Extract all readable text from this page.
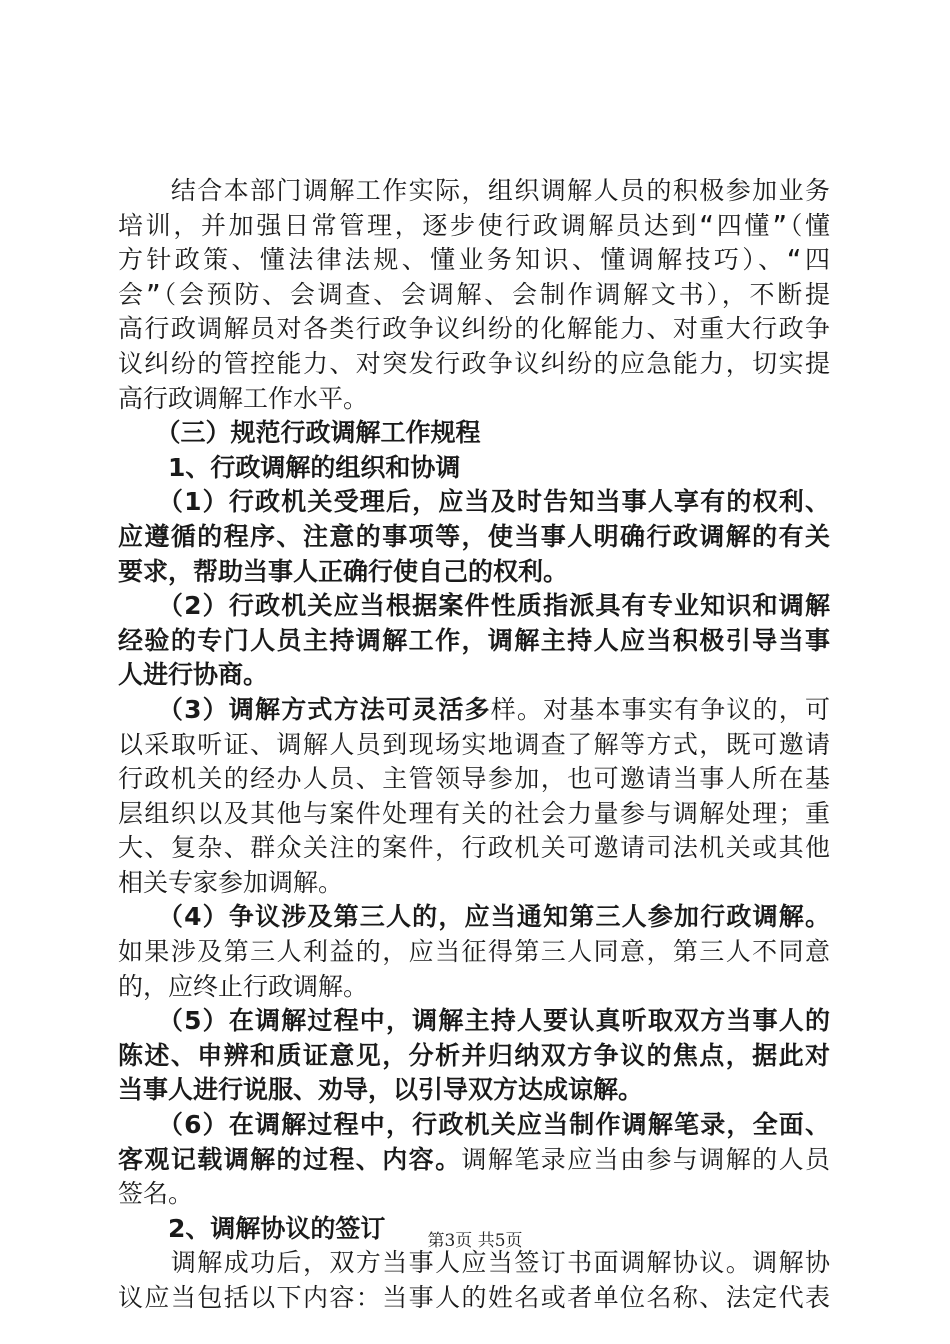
　　结合本部门调解工作实际，组织调解人员的积极参加业务
培训，并加强日常管理，逐步使行政调解员达到“四懂”（懂
方针政策、懂法律法规、懂业务知识、懂调解技巧）、“四
会”（会预防、会调查、会调解、会制作调解文书），不断提
高行政调解员对各类行政争议纠纷的化解能力、对重大行政争
议纠纷的管控能力、对突发行政争议纠纷的应急能力，切实提
高行政调解工作水平。
　　（三）规范行政调解工作规程
　　1、行政调解的组织和协调
　　（1）行政机关受理后，应当及时告知当事人享有的权利、
应遵循的程序、注意的事项等，使当事人明确行政调解的有关
要求，帮助当事人正确行使自己的权利。
　　（2）行政机关应当根据案件性质指派具有专业知识和调解
经验的专门人员主持调解工作，调解主持人应当积极引导当事
人进行协商。
　　（3）调解方式方法可灵活多样。对基本事实有争议的，可
以采取听证、调解人员到现场实地调查了解等方式，既可邀请
行政机关的经办人员、主管领导参加，也可邀请当事人所在基
层组织以及其他与案件处理有关的社会力量参与调解处理；重
大、复杂、群众关注的案件，行政机关可邀请司法机关或其他
相关专家参加调解。
　　（4）争议涉及第三人的，应当通知第三人参加行政调解。
如果涉及第三人利益的，应当征得第三人同意，第三人不同意
的，应终止行政调解。
　　（5）在调解过程中，调解主持人要认真听取双方当事人的
陈述、申辨和质证意见，分析并归纳双方争议的焦点，据此对
当事人进行说服、劝导，以引导双方达成谅解。
　　（6）在调解过程中，行政机关应当制作调解笔录，全面、
客观记载调解的过程、内容。调解笔录应当由参与调解的人员
签名。
　　2、调解协议的签订
　　调解成功后，双方当事人应当签订书面调解协议。调解协
议应当包括以下内容：当事人的姓名或者单位名称、法定代表
第3页 共5页
